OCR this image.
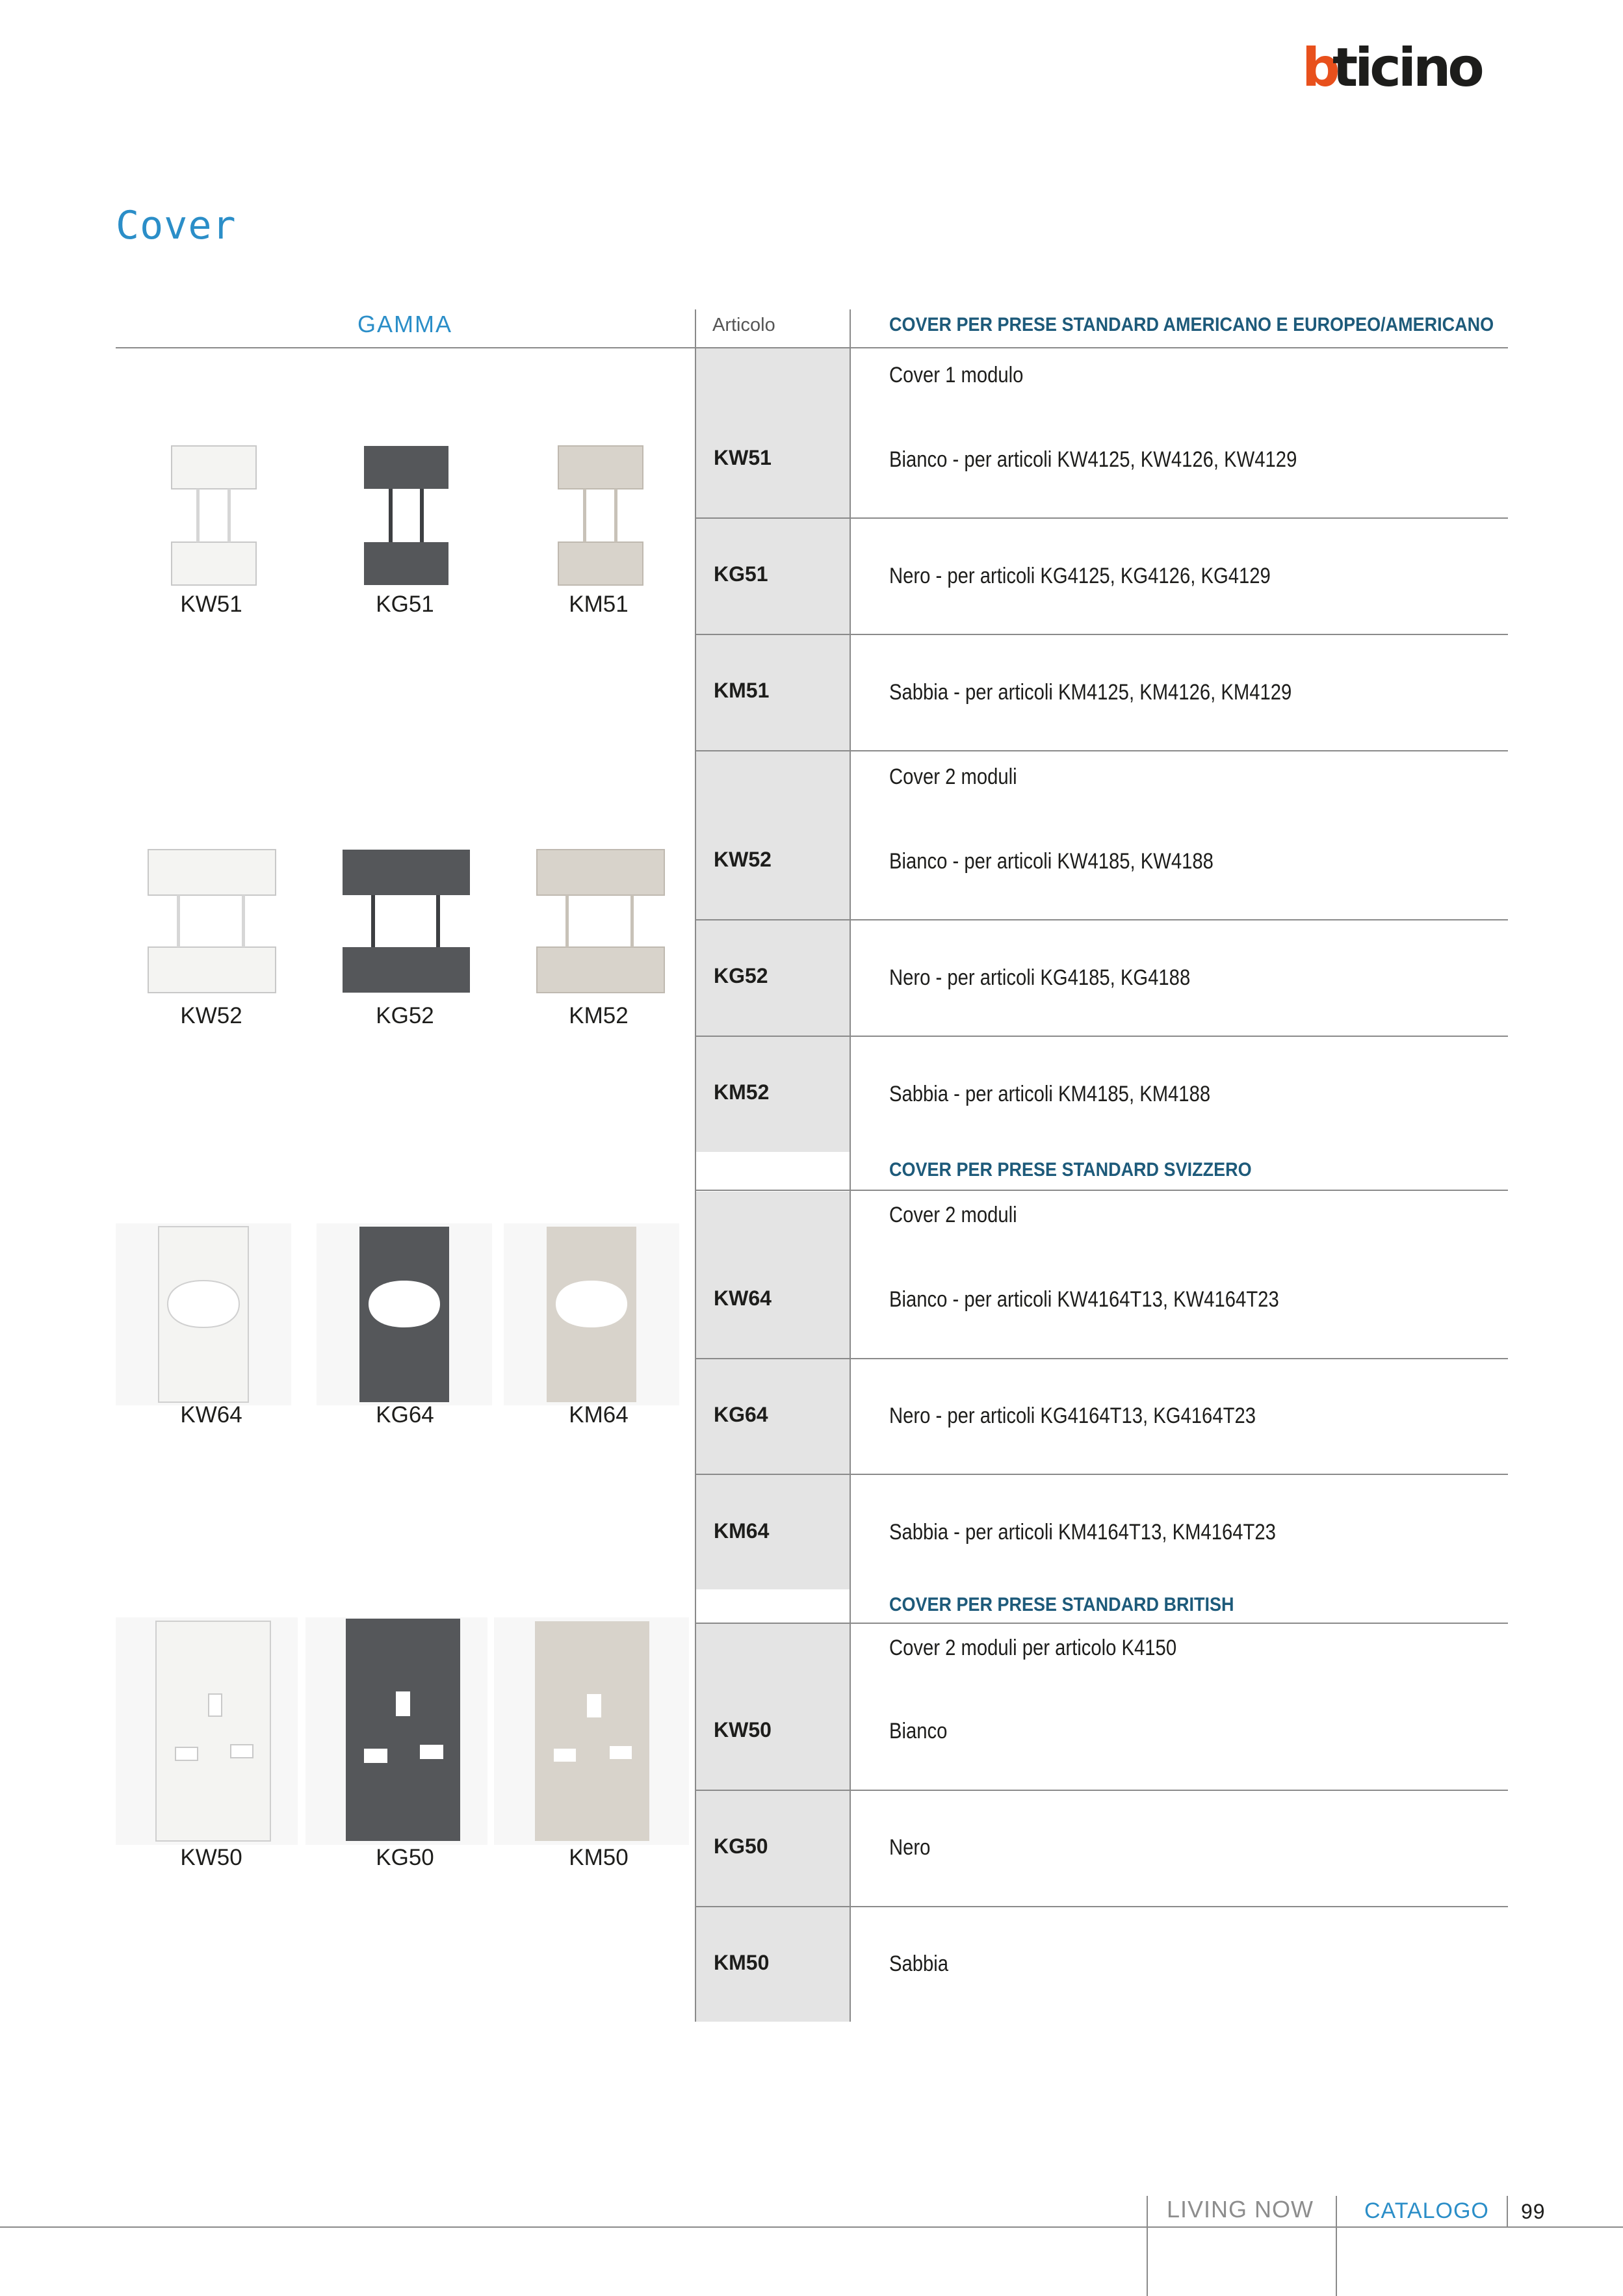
b
ticino
Cover
GAMMA	Articolo	COVER PER PRESE STANDARD AMERICANO E EUROPEO/AMERICANO
Cover 1 modulo
KW51	Bianco - per articoli KW4125, KW4126, KW4129
KG51	Nero - per articoli KG4125, KG4126, KG4129
KM51	Sabbia - per articoli KM4125, KM4126, KM4129
Cover 2 moduli
KW52	Bianco - per articoli KW4185, KW4188
KG52	Nero - per articoli KG4185, KG4188
KM52	Sabbia - per articoli KM4185, KM4188
COVER PER PRESE STANDARD SVIZZERO
Cover 2 moduli
KW64	Bianco - per articoli KW4164T13, KW4164T23
KG64	Nero - per articoli KG4164T13, KG4164T23
KM64	Sabbia - per articoli KM4164T13, KM4164T23
COVER PER PRESE STANDARD BRITISH
Cover 2 moduli per articolo K4150
KW50	Bianco
KG50	Nero
KM50	Sabbia
KW51	KG51	KM51
KW52	KG52	KM52
KW64	KG64	KM64
KW50	KG50	KM50
LIVING NOW CATALOGO 99
